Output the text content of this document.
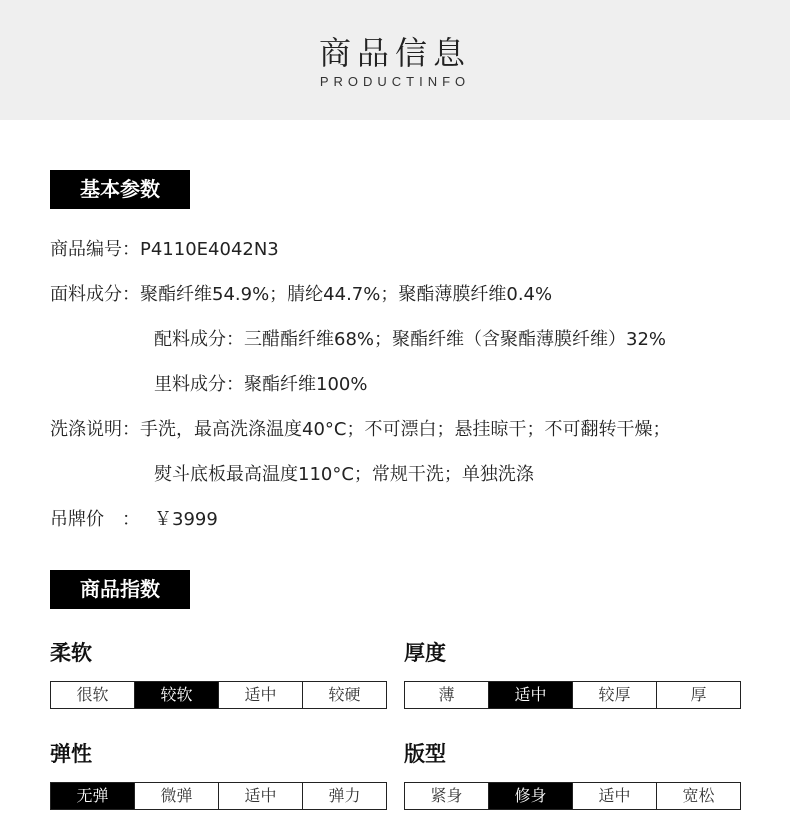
商品信息
PRODUCTINFO
基本参数
商品编号：P4110E4042N3
面料成分：聚酯纤维54.9%；腈纶44.7%；聚酯薄膜纤维0.4%
配料成分：三醋酯纤维68%；聚酯纤维（含聚酯薄膜纤维）32%
里料成分：聚酯纤维100%
洗涤说明：手洗，最高洗涤温度40°C；不可漂白；悬挂晾干；不可翻转干燥；
熨斗底板最高温度110°C；常规干洗；单独洗涤
吊牌价　： ￥3999
商品指数
柔软
很软	较软	适中	较硬
厚度
薄	适中	较厚	厚
弹性
无弹	微弹	适中	弹力
版型
紧身	修身	适中	宽松
